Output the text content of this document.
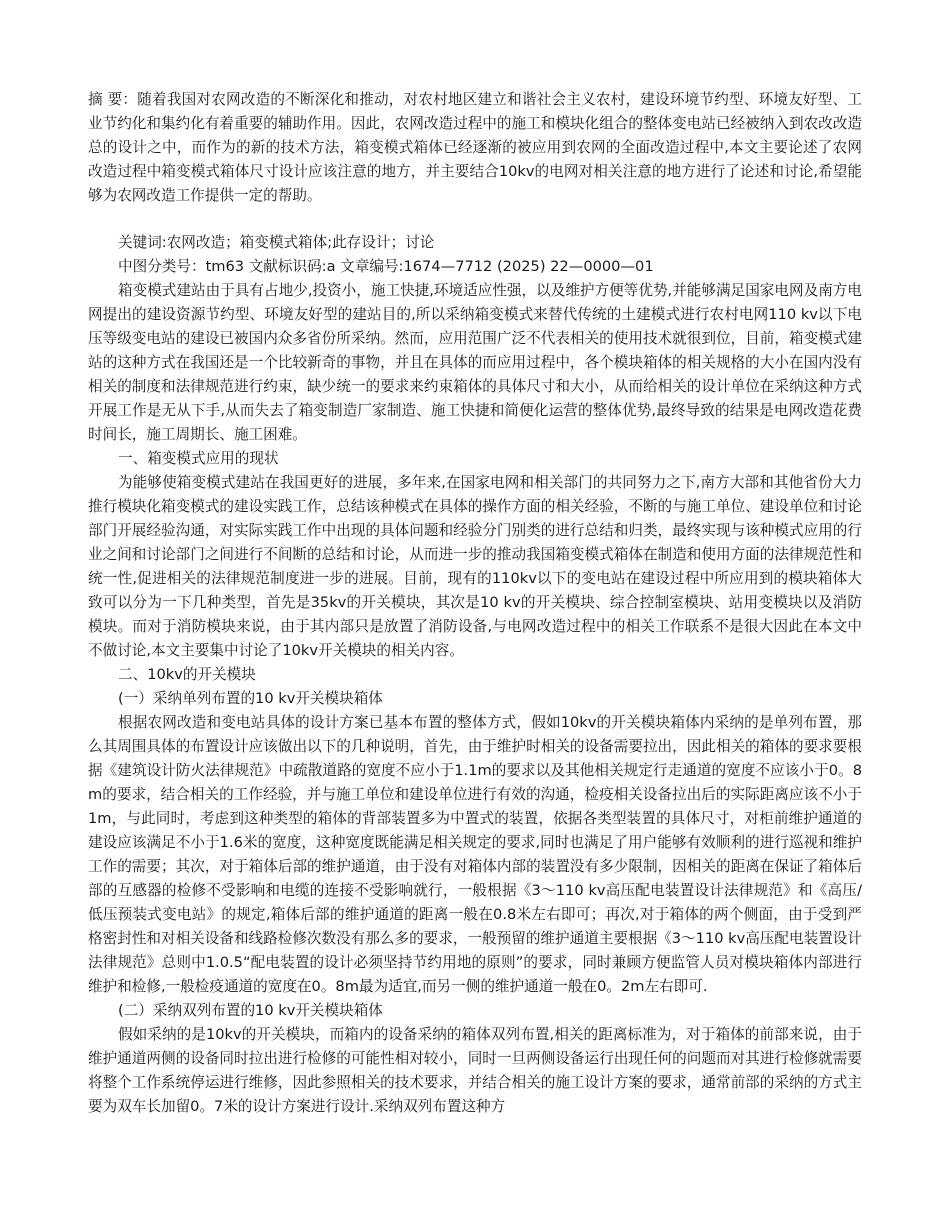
摘 要：随着我国对农网改造的不断深化和推动，对农村地区建立和谐社会主义农村，建设环境节约型、环境友好型、工业节约化和集约化有着重要的辅助作用。因此，农网改造过程中的施工和模块化组合的整体变电站已经被纳入到农改改造总的设计之中，而作为的新的技术方法，箱变模式箱体已经逐渐的被应用到农网的全面改造过程中,本文主要论述了农网改造过程中箱变模式箱体尺寸设计应该注意的地方，并主要结合10kv的电网对相关注意的地方进行了论述和讨论,希望能够为农网改造工作提供一定的帮助。

关键词:农网改造；箱变模式箱体;此存设计；讨论

中图分类号：tm63 文献标识码:a 文章编号:1674—7712 (2025) 22—0000—01

箱变模式建站由于具有占地少,投资小，施工快捷,环境适应性强，以及维护方便等优势,并能够满足国家电网及南方电网提出的建设资源节约型、环境友好型的建站目的,所以采纳箱变模式来替代传统的土建模式进行农村电网110 kv以下电压等级变电站的建设已被国内众多省份所采纳。然而，应用范围广泛不代表相关的使用技术就很到位，目前，箱变模式建站的这种方式在我国还是一个比较新奇的事物，并且在具体的而应用过程中，各个模块箱体的相关规格的大小在国内没有相关的制度和法律规范进行约束，缺少统一的要求来约束箱体的具体尺寸和大小，从而给相关的设计单位在采纳这种方式开展工作是无从下手,从而失去了箱变制造厂家制造、施工快捷和简便化运营的整体优势,最终导致的结果是电网改造花费时间长，施工周期长、施工困难。

一、箱变模式应用的现状

为能够使箱变模式建站在我国更好的进展，多年来,在国家电网和相关部门的共同努力之下,南方大部和其他省份大力推行模块化箱变模式的建设实践工作，总结该种模式在具体的操作方面的相关经验，不断的与施工单位、建设单位和讨论部门开展经验沟通，对实际实践工作中出现的具体问题和经验分门别类的进行总结和归类，最终实现与该种模式应用的行业之间和讨论部门之间进行不间断的总结和讨论，从而进一步的推动我国箱变模式箱体在制造和使用方面的法律规范性和统一性,促进相关的法律规范制度进一步的进展。目前，现有的110kv以下的变电站在建设过程中所应用到的模块箱体大致可以分为一下几种类型，首先是35kv的开关模块，其次是10 kv的开关模块、综合控制室模块、站用变模块以及消防模块。而对于消防模块来说，由于其内部只是放置了消防设备,与电网改造过程中的相关工作联系不是很大因此在本文中不做讨论,本文主要集中讨论了10kv开关模块的相关内容。

二、10kv的开关模块

(一）采纳单列布置的10 kv开关模块箱体

根据农网改造和变电站具体的设计方案已基本布置的整体方式，假如10kv的开关模块箱体内采纳的是单列布置，那么其周围具体的布置设计应该做出以下的几种说明，首先，由于维护时相关的设备需要拉出，因此相关的箱体的要求要根据《建筑设计防火法律规范》中疏散道路的宽度不应小于1.1m的要求以及其他相关规定行走通道的宽度不应该小于0。8m的要求，结合相关的工作经验，并与施工单位和建设单位进行有效的沟通，检疫相关设备拉出后的实际距离应该不小于1m，与此同时，考虑到这种类型的箱体的背部装置多为中置式的装置，依据各类型装置的具体尺寸，对柜前维护通道的建设应该满足不小于1.6米的宽度，这种宽度既能满足相关规定的要求,同时也满足了用户能够有效顺利的进行巡视和维护工作的需要；其次，对于箱体后部的维护通道，由于没有对箱体内部的装置没有多少限制，因相关的距离在保证了箱体后部的互感器的检修不受影响和电缆的连接不受影响就行，一般根据《3～110 kv高压配电装置设计法律规范》和《高压/低压预装式变电站》的规定,箱体后部的维护通道的距离一般在0.8米左右即可；再次,对于箱体的两个侧面，由于受到严格密封性和对相关设备和线路检修次数没有那么多的要求，一般预留的维护通道主要根据《3～110 kv高压配电装置设计法律规范》总则中1.0.5“配电装置的设计必须坚持节约用地的原则”的要求，同时兼顾方便监管人员对模块箱体内部进行维护和检修,一般检疫通道的宽度在0。8m最为适宜,而另一侧的维护通道一般在0。2m左右即可.

(二）采纳双列布置的10 kv开关模块箱体

假如采纳的是10kv的开关模块，而箱内的设备采纳的箱体双列布置,相关的距离标准为，对于箱体的前部来说，由于维护通道两侧的设备同时拉出进行检修的可能性相对较小，同时一旦两侧设备运行出现任何的问题而对其进行检修就需要将整个工作系统停运进行维修，因此参照相关的技术要求，并结合相关的施工设计方案的要求，通常前部的采纳的方式主要为双车长加留0。7米的设计方案进行设计.采纳双列布置这种方
